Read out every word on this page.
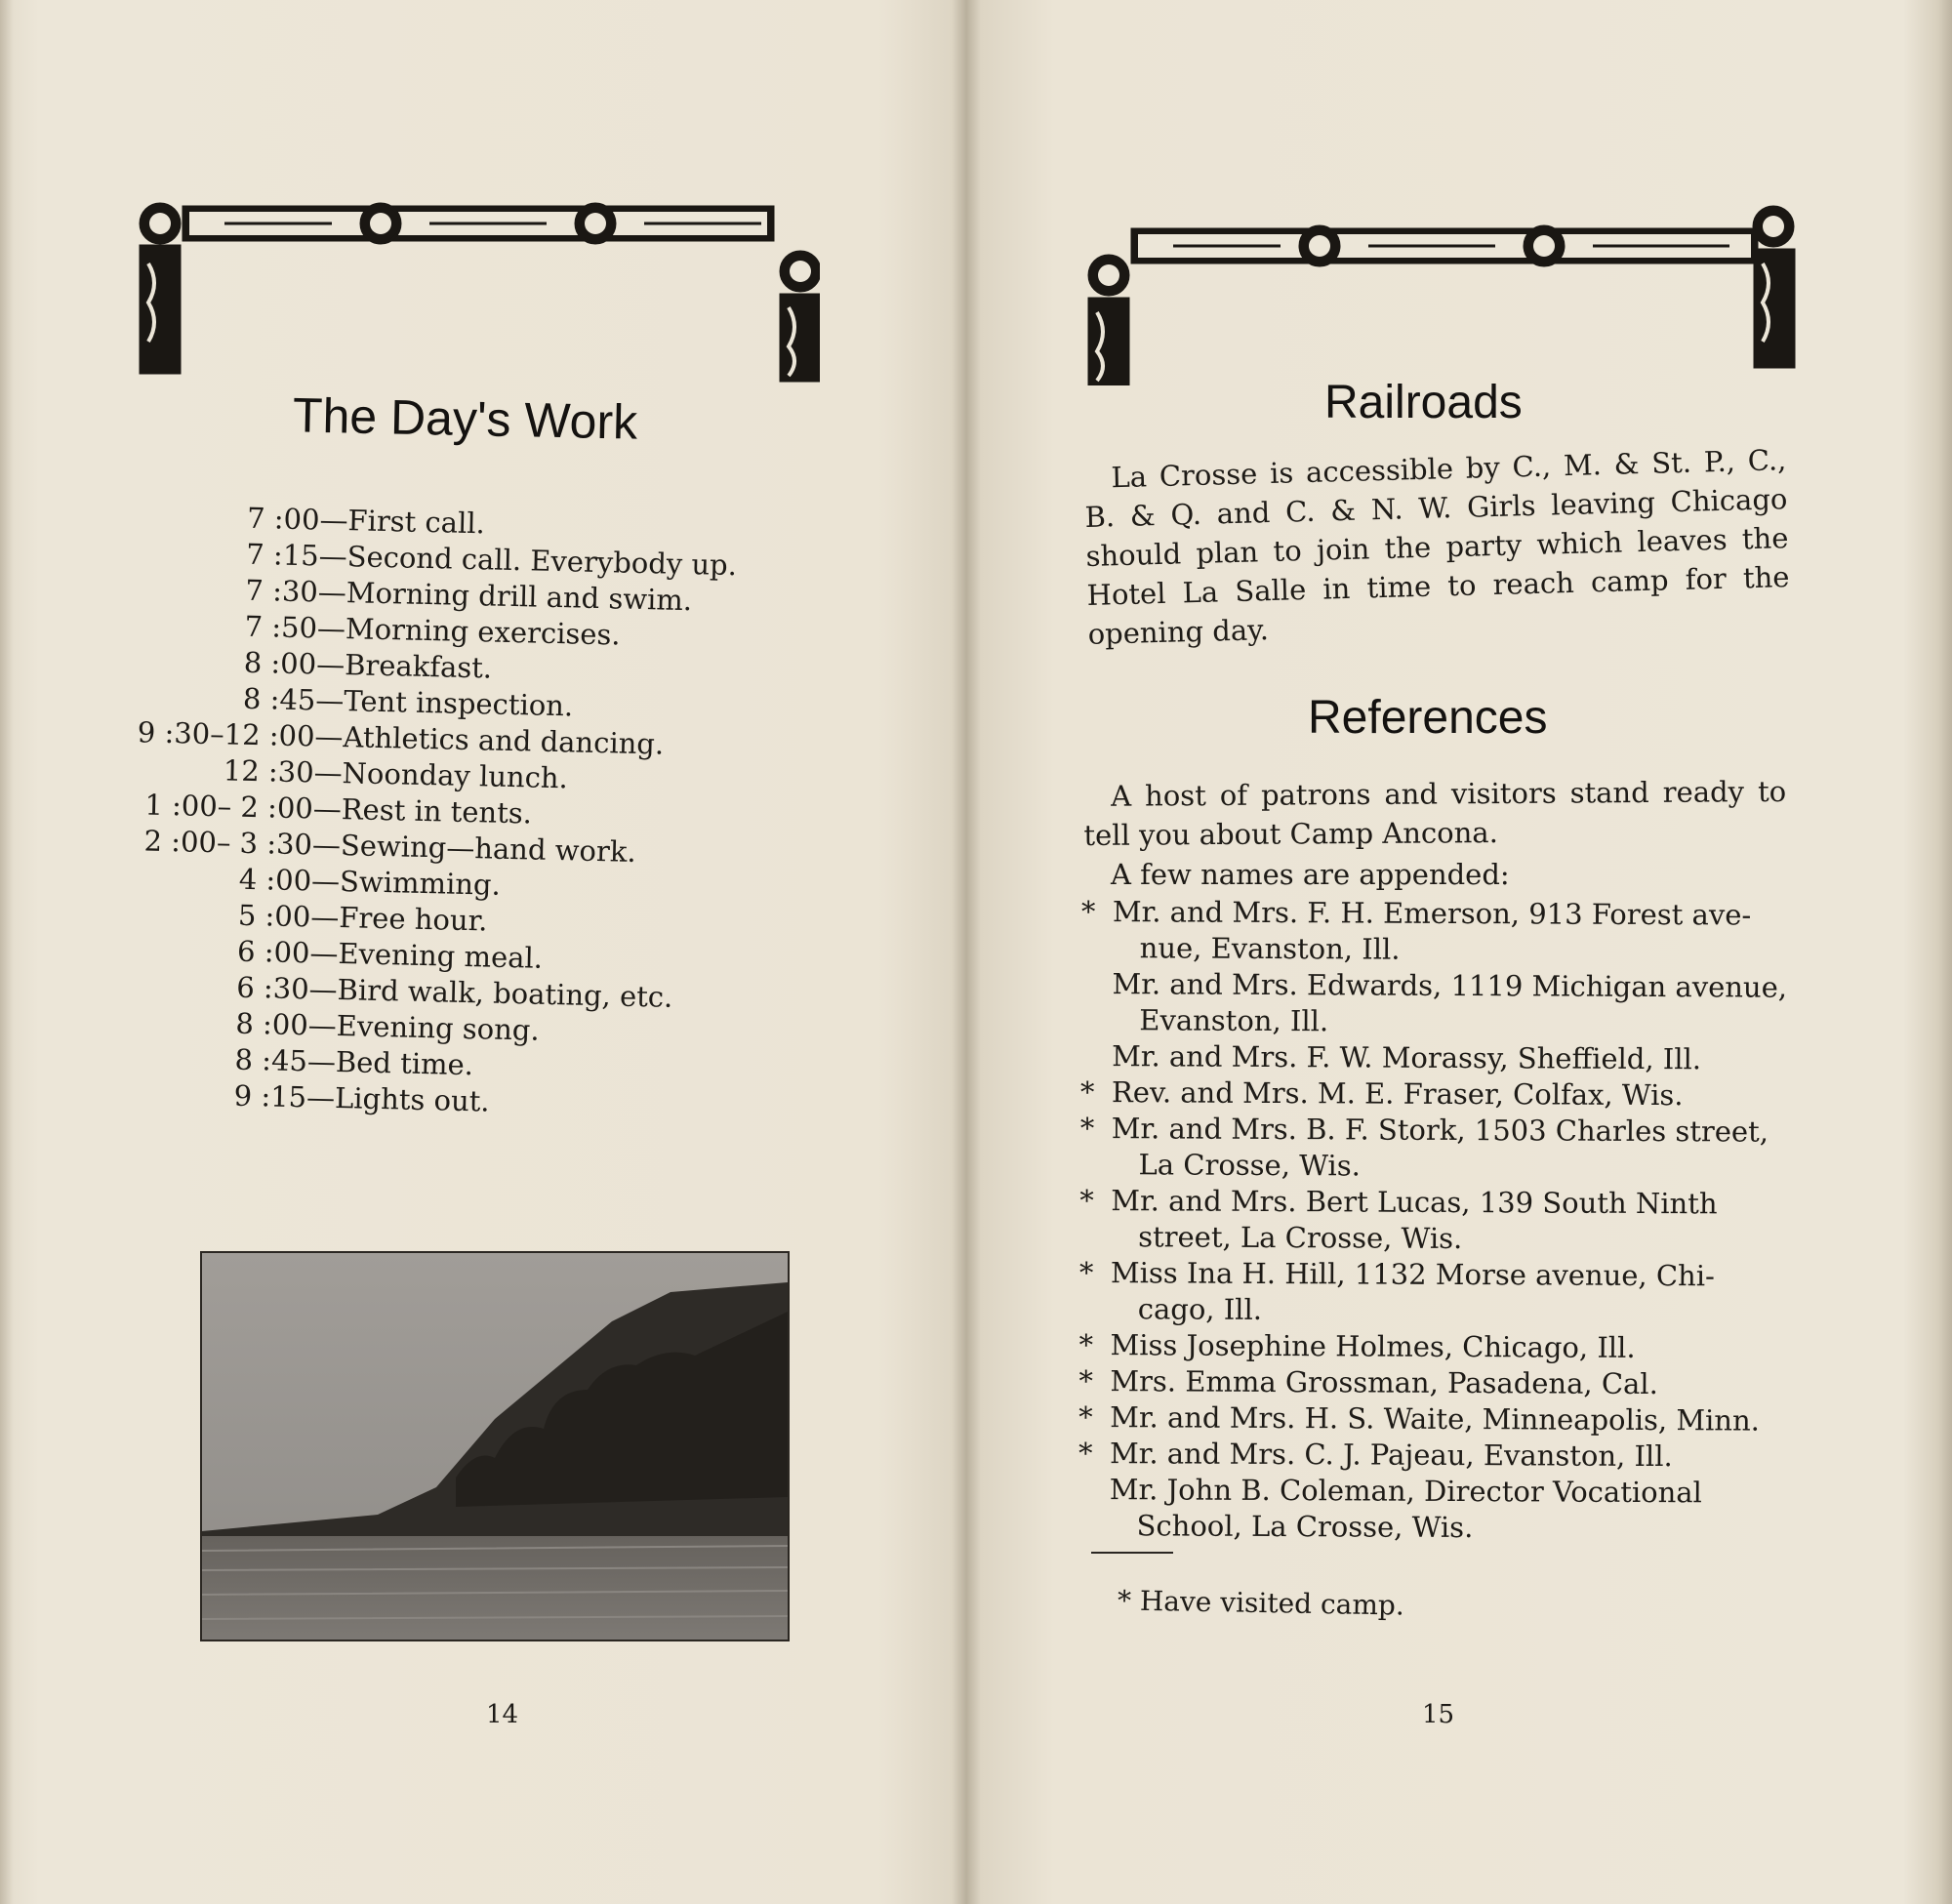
The Day's Work
7 :00 —First call.
7 :15 —Second call. Everybody up.
7 :30 —Morning drill and swim.
7 :50 —Morning exercises.
8 :00 —Breakfast.
8 :45 —Tent inspection.
9 :30–12 :00 —Athletics and dancing.
12 :30 —Noonday lunch.
1 :00– 2 :00 —Rest in tents.
2 :00– 3 :30 —Sewing—hand work.
4 :00 —Swimming.
5 :00 —Free hour.
6 :00 —Evening meal.
6 :30 —Bird walk, boating, etc.
8 :00 —Evening song.
8 :45 —Bed time.
9 :15 —Lights out.
14
Railroads

La Crosse is accessible by C., M. & St. P., C., B. & Q. and C. & N. W. Girls leaving Chicago should plan to join the party which leaves the Hotel La Salle in time to reach camp for the opening day.

References

A host of patrons and visitors stand ready to tell you about Camp Ancona.

A few names are appended:

* Mr. and Mrs. F. H. Emerson, 913 Forest ave-
nue, Evanston, Ill.
Mr. and Mrs. Edwards, 1119 Michigan avenue,
Evanston, Ill.
Mr. and Mrs. F. W. Morassy, Sheffield, Ill.
* Rev. and Mrs. M. E. Fraser, Colfax, Wis.
* Mr. and Mrs. B. F. Stork, 1503 Charles street,
La Crosse, Wis.
* Mr. and Mrs. Bert Lucas, 139 South Ninth
street, La Crosse, Wis.
* Miss Ina H. Hill, 1132 Morse avenue, Chi-
cago, Ill.
* Miss Josephine Holmes, Chicago, Ill.
* Mrs. Emma Grossman, Pasadena, Cal.
* Mr. and Mrs. H. S. Waite, Minneapolis, Minn.
* Mr. and Mrs. C. J. Pajeau, Evanston, Ill.
Mr. John B. Coleman, Director Vocational
School, La Crosse, Wis.
* Have visited camp.
15
